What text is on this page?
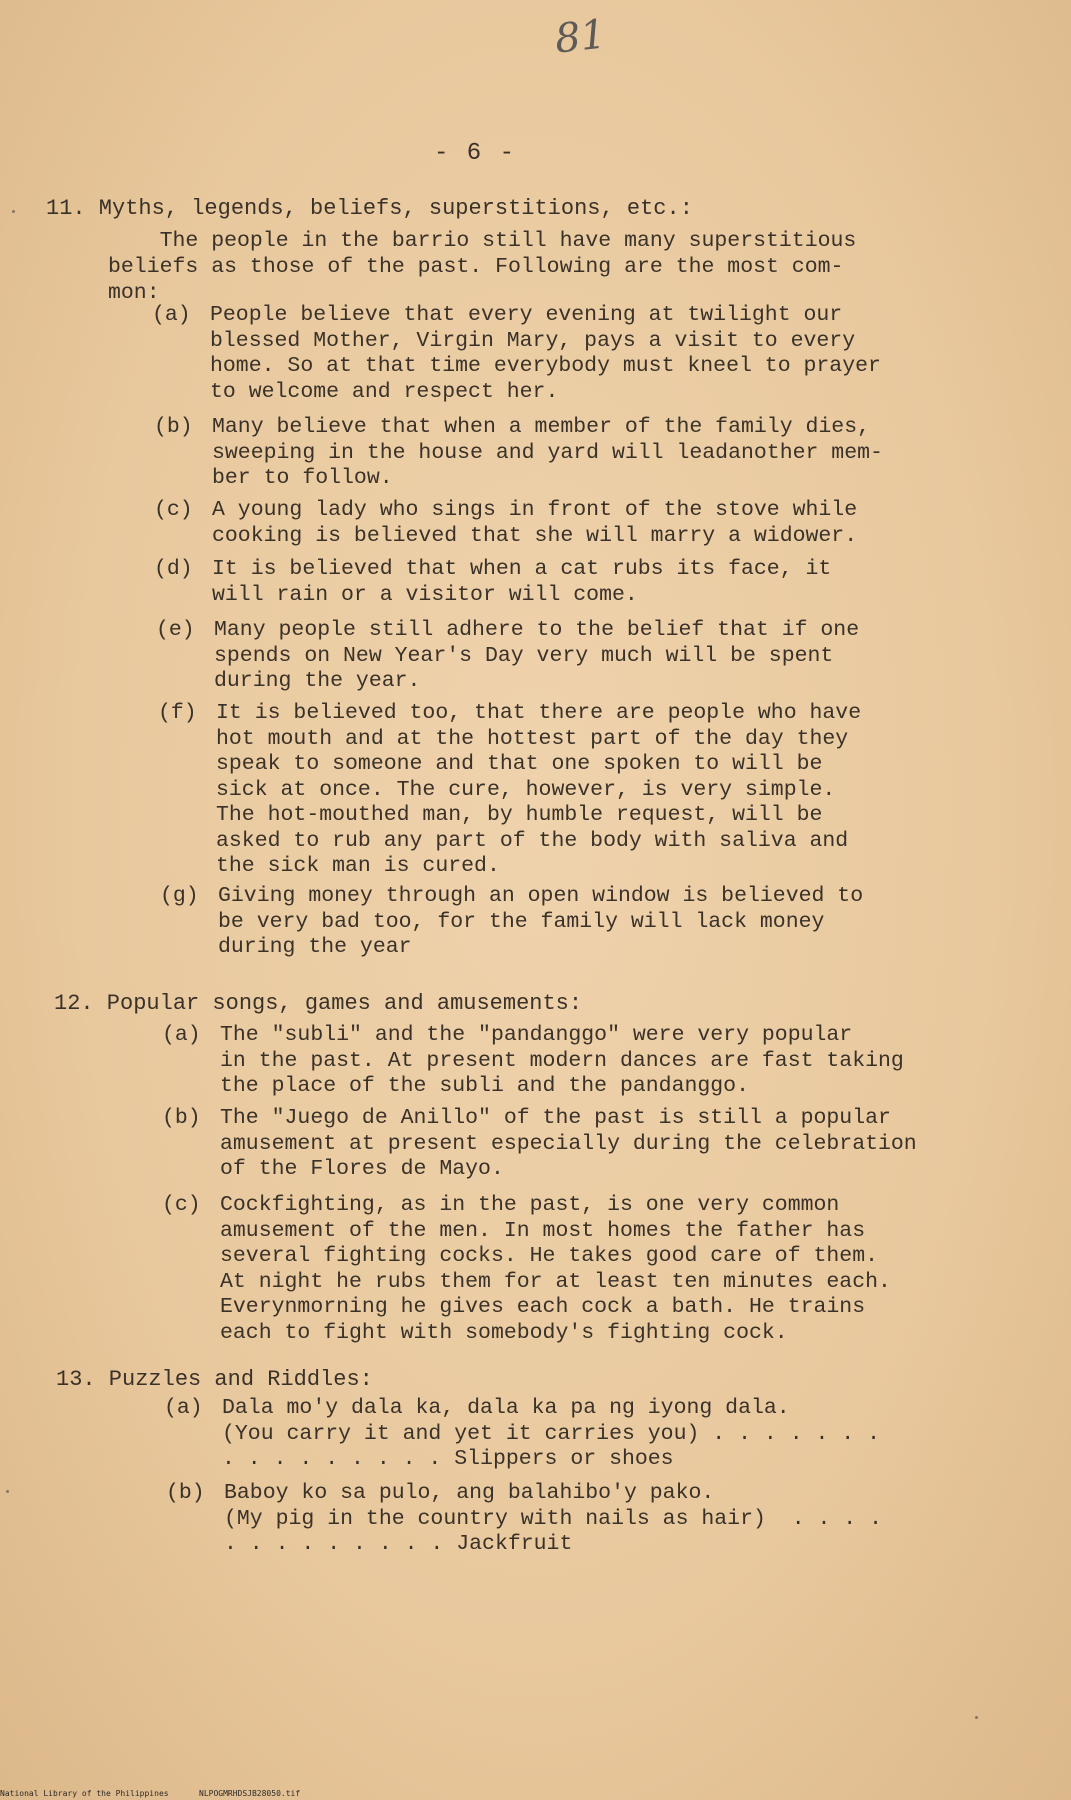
81
- 6 -
11. Myths, legends, beliefs, superstitions, etc.:
The people in the barrio still have many superstitious
beliefs as those of the past. Following are the most com-
mon:
(a) People believe that every evening at twilight our
blessed Mother, Virgin Mary, pays a visit to every
home. So at that time everybody must kneel to prayer
to welcome and respect her.
(b) Many believe that when a member of the family dies,
sweeping in the house and yard will leadanother mem-
ber to follow.
(c) A young lady who sings in front of the stove while
cooking is believed that she will marry a widower.
(d) It is believed that when a cat rubs its face, it
will rain or a visitor will come.
(e) Many people still adhere to the belief that if one
spends on New Year's Day very much will be spent
during the year.
(f) It is believed too, that there are people who have
hot mouth and at the hottest part of the day they
speak to someone and that one spoken to will be
sick at once. The cure, however, is very simple.
The hot-mouthed man, by humble request, will be
asked to rub any part of the body with saliva and
the sick man is cured.
(g) Giving money through an open window is believed to
be very bad too, for the family will lack money
during the year
12. Popular songs, games and amusements:
(a) The "subli" and the "pandanggo" were very popular
in the past. At present modern dances are fast taking
the place of the subli and the pandanggo.
(b) The "Juego de Anillo" of the past is still a popular
amusement at present especially during the celebration
of the Flores de Mayo.
(c) Cockfighting, as in the past, is one very common
amusement of the men. In most homes the father has
several fighting cocks. He takes good care of them.
At night he rubs them for at least ten minutes each.
Everynmorning he gives each cock a bath. He trains
each to fight with somebody's fighting cock.
13. Puzzles and Riddles:
(a) Dala mo'y dala ka, dala ka pa ng iyong dala.
(You carry it and yet it carries you) . . . . . . .
. . . . . . . . . Slippers or shoes
(b) Baboy ko sa pulo, ang balahibo'y pako.
(My pig in the country with nails as hair)  . . . .
. . . . . . . . . Jackfruit
National Library of the Philippines	NLPOGMRHDSJB28050.tif
